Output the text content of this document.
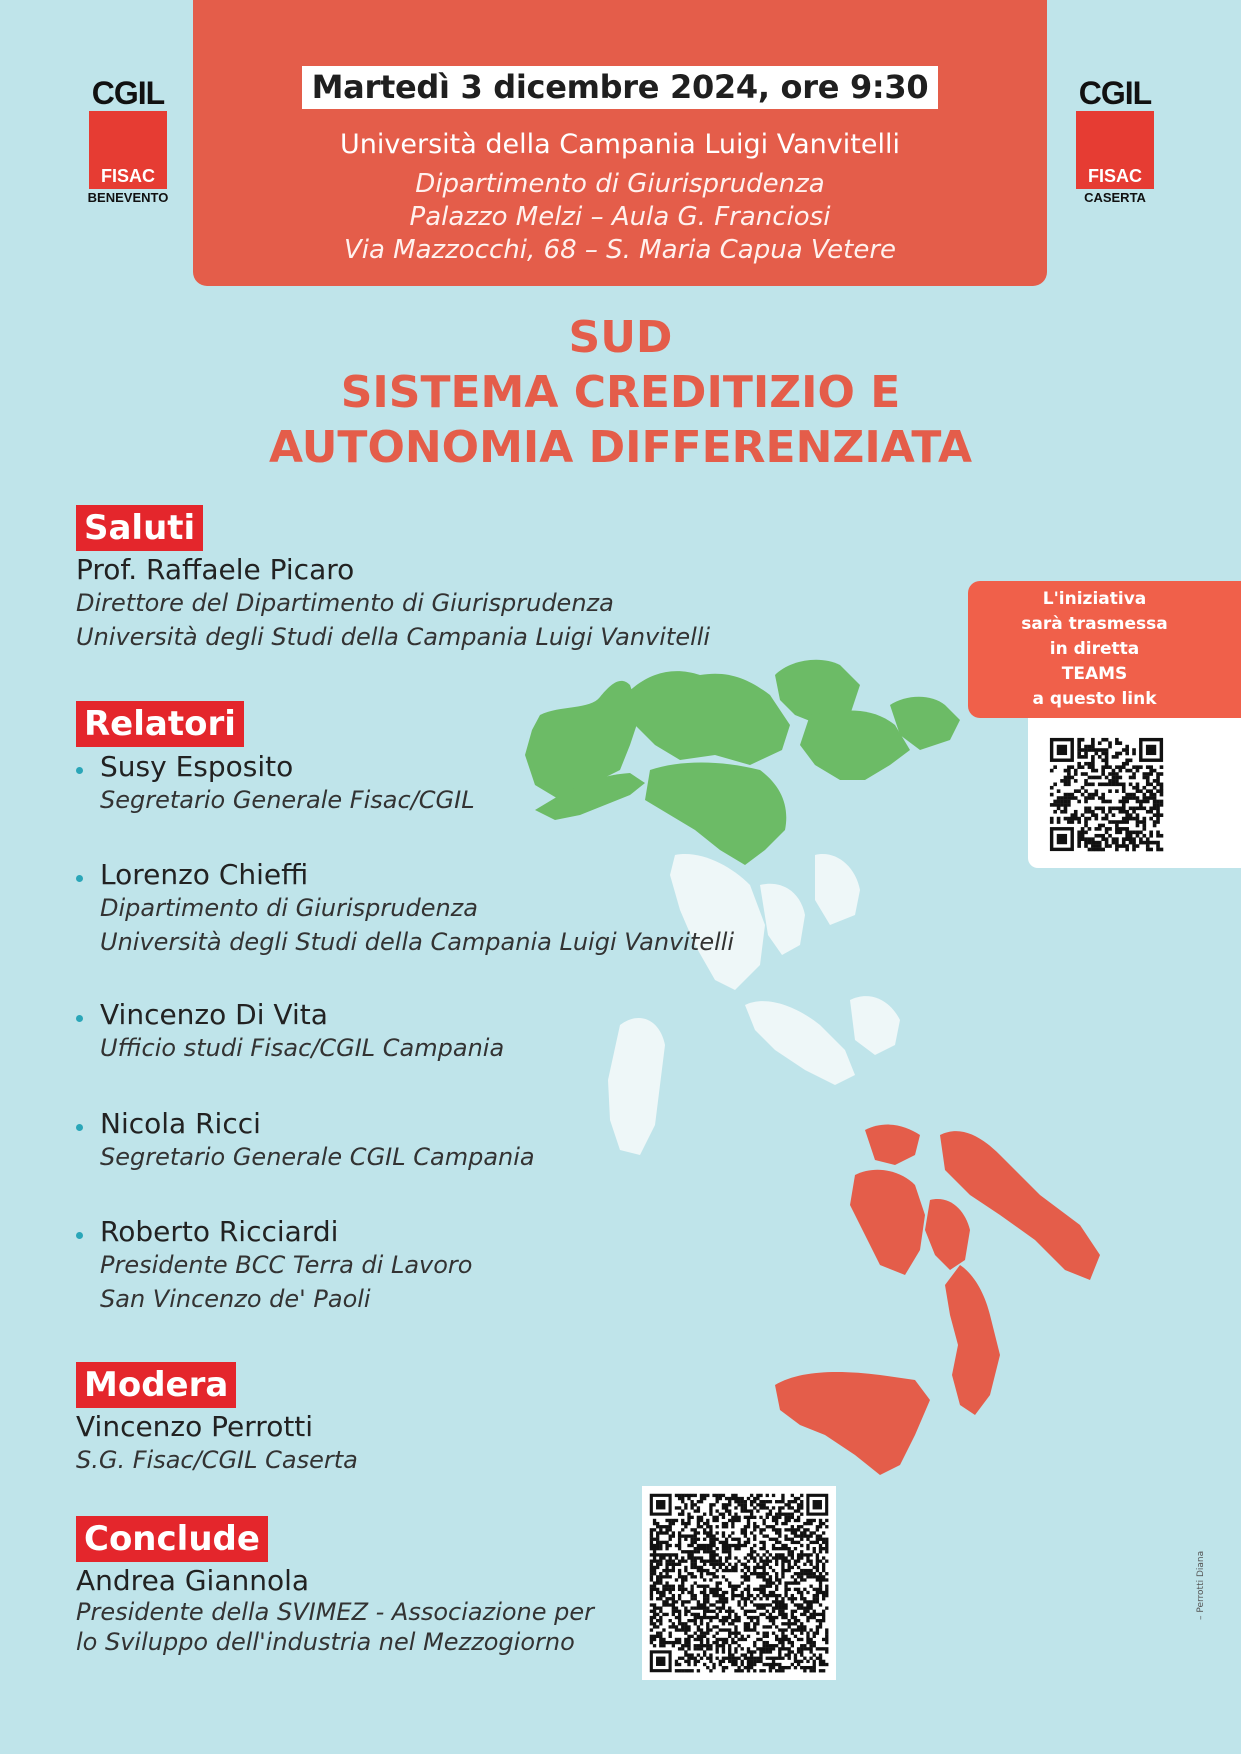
Martedì 3 dicembre 2024, ore 9:30
Università della Campania Luigi Vanvitelli
Dipartimento di Giurisprudenza
Palazzo Melzi – Aula G. Franciosi
Via Mazzocchi, 68 – S. Maria Capua Vetere
CGIL
FISAC
BENEVENTO
CGIL
FISAC
CASERTA
SUD
SISTEMA CREDITIZIO E
AUTONOMIA DIFFERENZIATA
L'iniziativa
sarà trasmessa
in diretta
TEAMS
a questo link
Saluti
Prof. Raffaele Picaro
Direttore del Dipartimento di Giurisprudenza
Università degli Studi della Campania Luigi Vanvitelli
Relatori
Susy Esposito
Segretario Generale Fisac/CGIL
Lorenzo Chieffi
Dipartimento di Giurisprudenza
Università degli Studi della Campania Luigi Vanvitelli
Vincenzo Di Vita
Ufficio studi Fisac/CGIL Campania
Nicola Ricci
Segretario Generale CGIL Campania
Roberto Ricciardi
Presidente BCC Terra di Lavoro
San Vincenzo de' Paoli
Modera
Vincenzo Perrotti
S.G. Fisac/CGIL Caserta
Conclude
Andrea Giannola
Presidente della SVIMEZ - Associazione per
lo Sviluppo dell'industria nel Mezzogiorno
– Perrotti Diana
